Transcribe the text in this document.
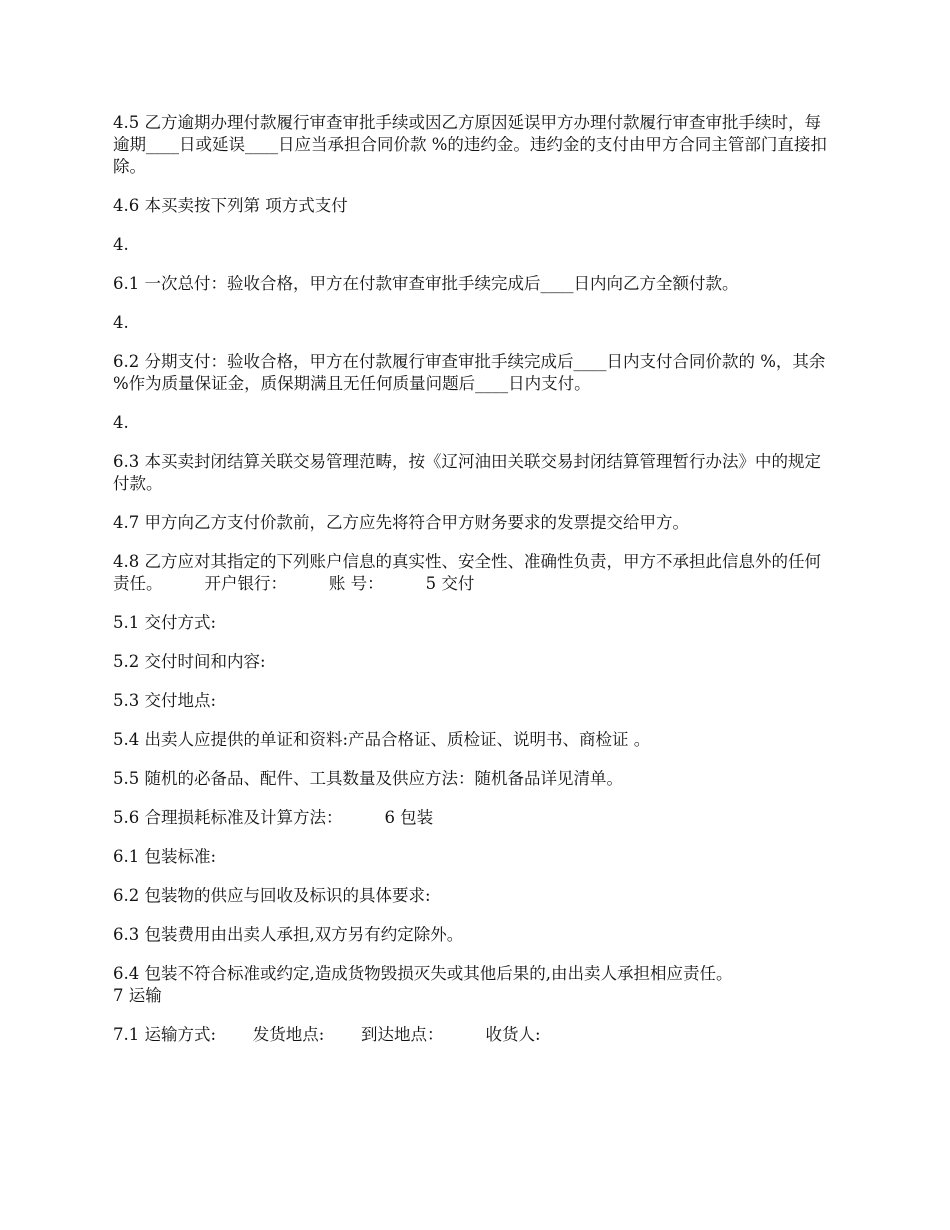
4.5 乙方逾期办理付款履行审查审批手续或因乙方原因延误甲方办理付款履行审查审批手续时，每逾期____日或延误____日应当承担合同价款 %的违约金。违约金的支付由甲方合同主管部门直接扣除。

4.6 本买卖按下列第 项方式支付

4.

6.1 一次总付：验收合格，甲方在付款审查审批手续完成后____日内向乙方全额付款。

4.

6.2 分期支付：验收合格，甲方在付款履行审查审批手续完成后____日内支付合同价款的 %，其余 %作为质量保证金，质保期满且无任何质量问题后____日内支付。

4.

6.3 本买卖封闭结算关联交易管理范畴，按《辽河油田关联交易封闭结算管理暂行办法》中的规定付款。

4.7 甲方向乙方支付价款前，乙方应先将符合甲方财务要求的发票提交给甲方。

4.8 乙方应对其指定的下列账户信息的真实性、安全性、准确性负责，甲方不承担此信息外的任何责任。        开户银行：        账 号：        5 交付

5.1 交付方式:

5.2 交付时间和内容:

5.3 交付地点:

5.4 出卖人应提供的单证和资料:产品合格证、质检证、说明书、商检证 。

5.5 随机的必备品、配件、工具数量及供应方法：随机备品详见清单。

5.6 合理损耗标准及计算方法：        6 包装

6.1 包装标准:

6.2 包装物的供应与回收及标识的具体要求:

6.3 包装费用由出卖人承担,双方另有约定除外。

6.4 包装不符合标准或约定,造成货物毁损灭失或其他后果的,由出卖人承担相应责任。

7 运输

7.1 运输方式:       发货地点:       到达地点：        收货人:
